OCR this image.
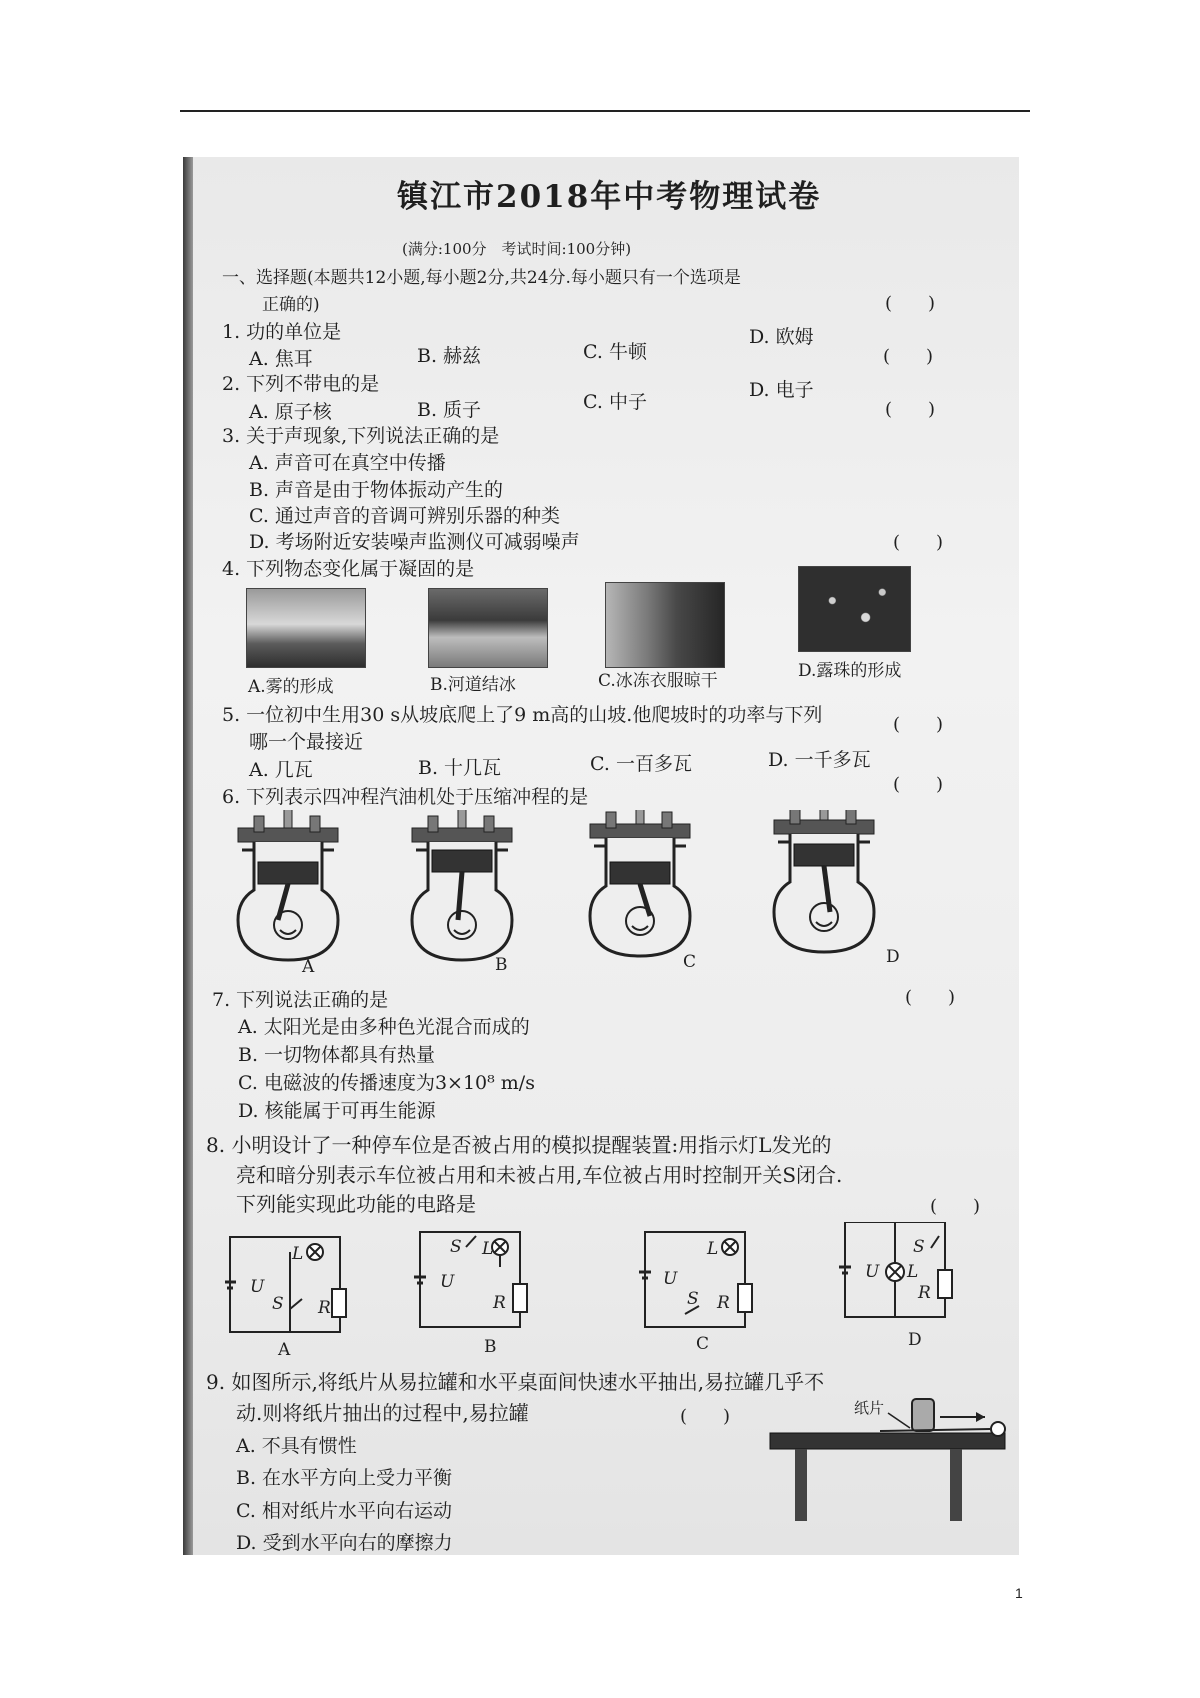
镇江市2018年中考物理试卷
(满分:100分　考试时间:100分钟)
一、选择题(本题共12小题,每小题2分,共24分.每小题只有一个选项是
正确的)	(　　)
1. 功的单位是
A. 焦耳	B. 赫兹	C. 牛顿
D. 欧姆
(　　)
2. 下列不带电的是
A. 原子核	B. 质子	C. 中子
D. 电子
(　　)
3. 关于声现象,下列说法正确的是
A. 声音可在真空中传播
B. 声音是由于物体振动产生的
C. 通过声音的音调可辨别乐器的种类
D. 考场附近安装噪声监测仪可减弱噪声	(　　)
4. 下列物态变化属于凝固的是
A.雾的形成	B.河道结冰	C.冰冻衣服晾干	D.露珠的形成
5. 一位初中生用30 s从坡底爬上了9 m高的山坡.他爬坡时的功率与下列	(　　)
哪一个最接近
A. 几瓦	B. 十几瓦	C. 一百多瓦	D. 一千多瓦
6. 下列表示四冲程汽油机处于压缩冲程的是
(　　)
A	B	C	D
7. 下列说法正确的是	(　　)
A. 太阳光是由多种色光混合而成的
B. 一切物体都具有热量
C. 电磁波的传播速度为3×10⁸ m/s
D. 核能属于可再生能源
8. 小明设计了一种停车位是否被占用的模拟提醒装置:用指示灯L发光的
亮和暗分别表示车位被占用和未被占用,车位被占用时控制开关S闭合.
下列能实现此功能的电路是	(　　)
L
U
S R
S L
U
R
L
U
S R
U L
S
R
A	B	C	D
9. 如图所示,将纸片从易拉罐和水平桌面间快速水平抽出,易拉罐几乎不
动.则将纸片抽出的过程中,易拉罐	(　　)
A. 不具有惯性
B. 在水平方向上受力平衡
C. 相对纸片水平向右运动
D. 受到水平向右的摩擦力
纸片
1
